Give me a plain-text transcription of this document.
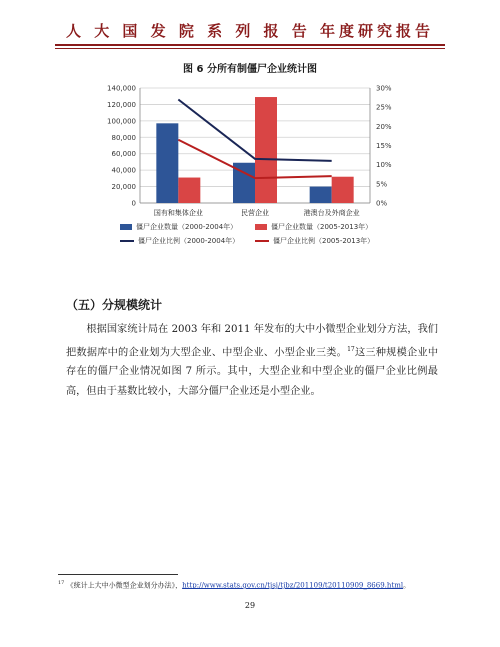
人 大 国 发 院 系 列 报 告 年度研究报告
图 6 分所有制僵尸企业统计图
0
20,000
40,000
60,000
80,000
100,000
120,000
140,000
0%
5%
10%
15%
20%
25%
30%
国有和集体企业	民营企业	港澳台及外商企业
僵尸企业数量（2000-2004年）	僵尸企业数量（2005-2013年）
僵尸企业比例（2000-2004年）	僵尸企业比例（2005-2013年）
（五）分规模统计
根据国家统计局在 2003 年和 2011 年发布的大中小微型企业划分方法，我们把数据库中的企业划为大型企业、中型企业、小型企业三类。$^{17}$这三种规模企业中存在的僵尸企业情况如图 7 所示。其中，大型企业和中型企业的僵尸企业比例最高，但由于基数比较小，大部分僵尸企业还是小型企业。
$^{17}$ 《统计上大中小微型企业划分办法》，http://www.stats.gov.cn/tjsj/tjbz/201109/t20110909_8669.html。
29
